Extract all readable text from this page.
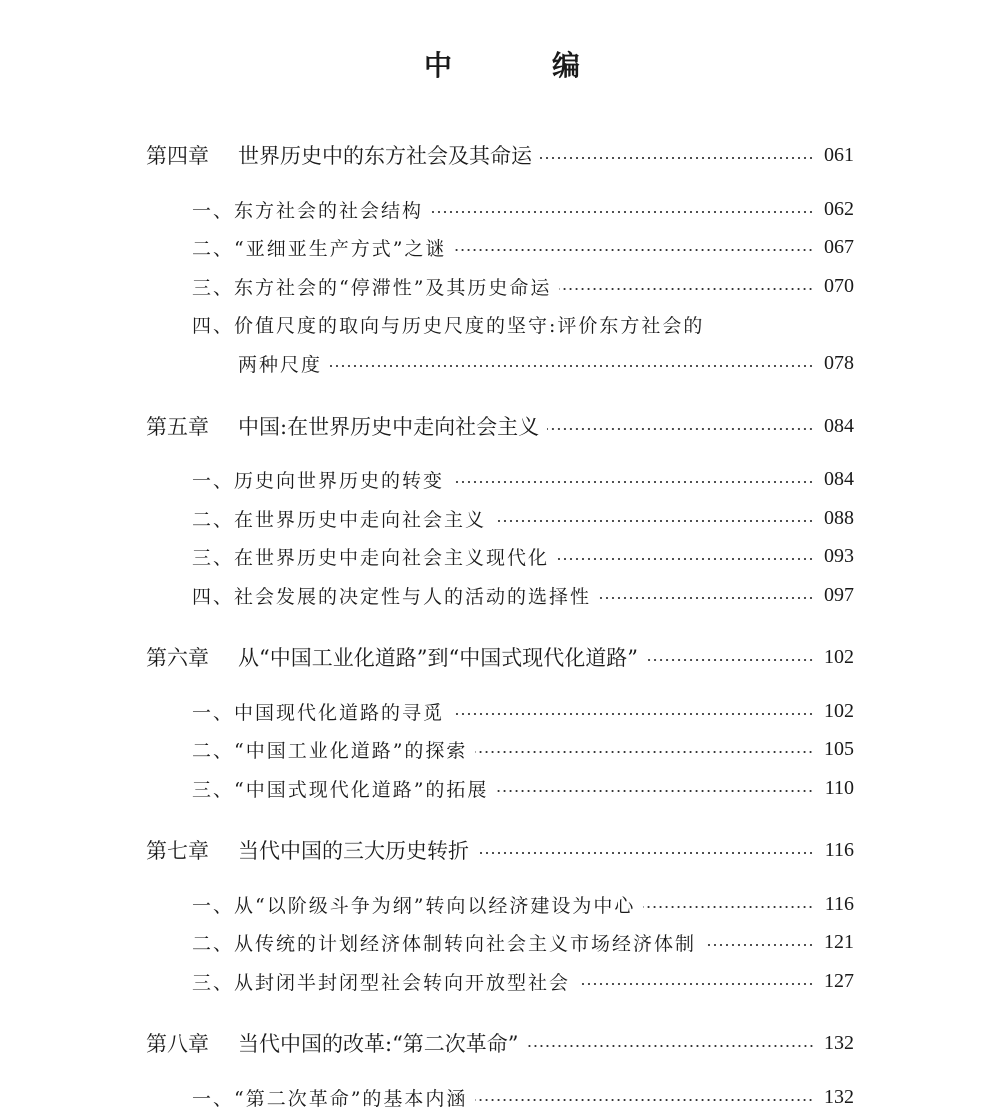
中　编
第四章	世界历史中的东方社会及其命运	061
一、东方社会的社会结构	062
二、“亚细亚生产方式”之谜	067
三、东方社会的“停滞性”及其历史命运	070
四、价值尺度的取向与历史尺度的坚守:评价东方社会的
两种尺度	078
第五章	中国:在世界历史中走向社会主义	084
一、历史向世界历史的转变	084
二、在世界历史中走向社会主义	088
三、在世界历史中走向社会主义现代化	093
四、社会发展的决定性与人的活动的选择性	097
第六章	从“中国工业化道路”到“中国式现代化道路”	102
一、中国现代化道路的寻觅	102
二、“中国工业化道路”的探索	105
三、“中国式现代化道路”的拓展	110
第七章	当代中国的三大历史转折	116
一、从“以阶级斗争为纲”转向以经济建设为中心	116
二、从传统的计划经济体制转向社会主义市场经济体制	121
三、从封闭半封闭型社会转向开放型社会	127
第八章	当代中国的改革:“第二次革命”	132
一、“第二次革命”的基本内涵	132
